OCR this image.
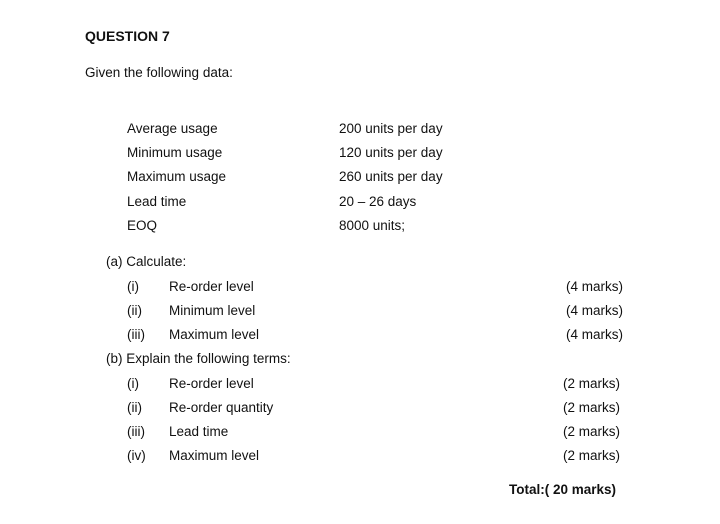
QUESTION 7
Given the following data:
Average usage	200 units per day
Minimum usage	120 units per day
Maximum usage	260 units per day
Lead time	20 – 26 days
EOQ	8000 units;
(a) Calculate:
(i) Re-order level	(4 marks)
(ii) Minimum level	(4 marks)
(iii) Maximum level	(4 marks)
(b) Explain the following terms:
(i) Re-order level	(2 marks)
(ii) Re-order quantity	(2 marks)
(iii) Lead time	(2 marks)
(iv) Maximum level	(2 marks)
Total:( 20 marks)
